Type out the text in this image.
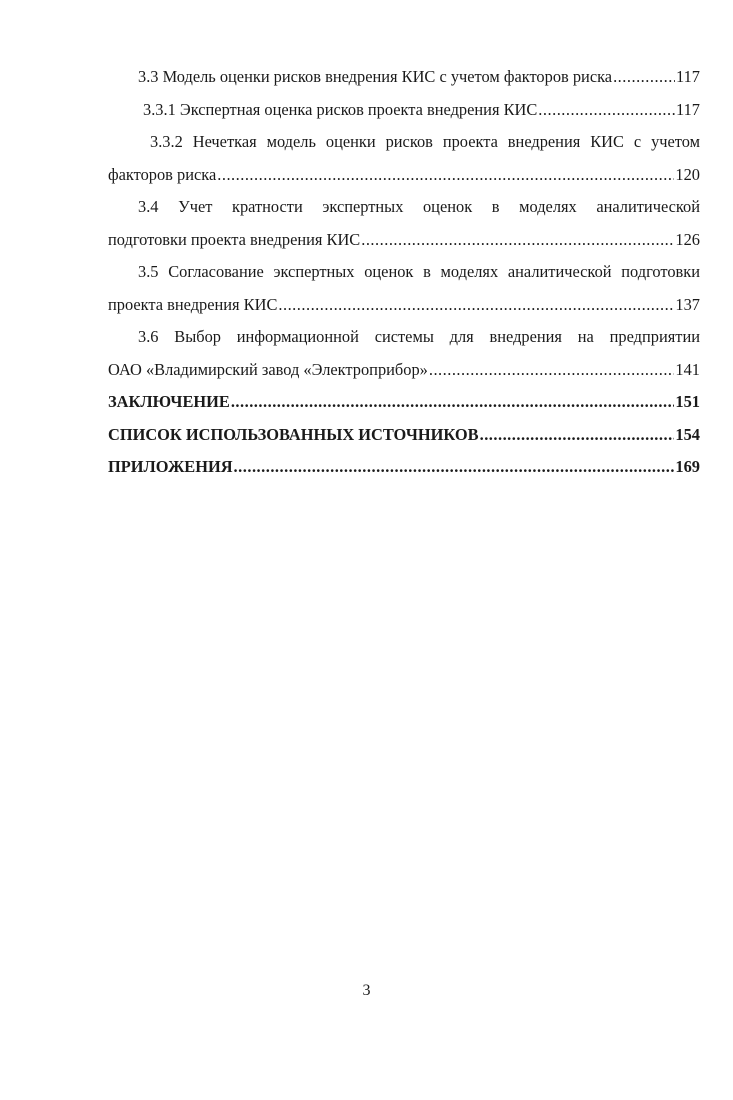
3.3 Модель оценки рисков внедрения КИС с учетом факторов риска .....	117
3.3.1 Экспертная оценка рисков проекта внедрения КИС .....	117
3.3.2 Нечеткая модель оценки рисков проекта внедрения КИС с учетом
факторов риска .....	120
3.4 Учет кратности экспертных оценок в моделях аналитической
подготовки проекта внедрения КИС .....	126
3.5 Согласование экспертных оценок в моделях аналитической подготовки
проекта внедрения КИС .....	137
3.6 Выбор информационной системы для внедрения на предприятии
ОАО «Владимирский завод «Электроприбор» .....	141
ЗАКЛЮЧЕНИЕ .....	151
СПИСОК ИСПОЛЬЗОВАННЫХ ИСТОЧНИКОВ .....	154
ПРИЛОЖЕНИЯ .....	169
3
